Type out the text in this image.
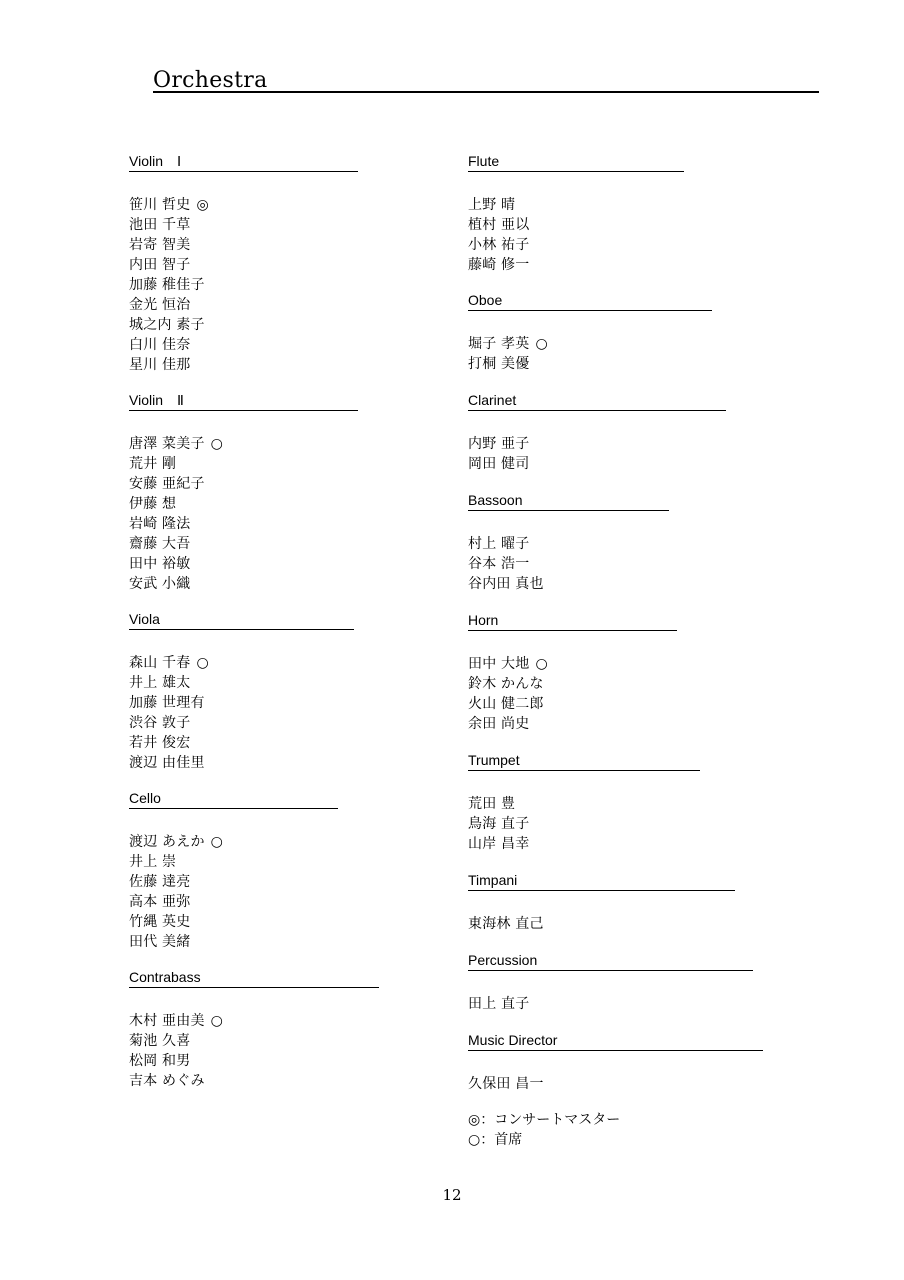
Orchestra
Violin　Ⅰ
笹川 哲史 ◎
池田 千草
岩寄 智美
内田 智子
加藤 稚佳子
金光 恒治
城之内 素子
白川 佳奈
星川 佳那
Violin　Ⅱ
唐澤 菜美子 ○
荒井 剛
安藤 亜紀子
伊藤 想
岩崎 隆法
齋藤 大吾
田中 裕敏
安武 小織
Viola
森山 千春 ○
井上 雄太
加藤 世理有
渋谷 敦子
若井 俊宏
渡辺 由佳里
Cello
渡辺 あえか ○
井上 崇
佐藤 達亮
高本 亜弥
竹縄 英史
田代 美緒
Contrabass
木村 亜由美 ○
菊池 久喜
松岡 和男
吉本 めぐみ
Flute
上野 晴
植村 亜以
小林 祐子
藤崎 修一
Oboe
堀子 孝英 ○
打桐 美優
Clarinet
内野 亜子
岡田 健司
Bassoon
村上 曜子
谷本 浩一
谷内田 真也
Horn
田中 大地 ○
鈴木 かんな
火山 健二郎
余田 尚史
Trumpet
荒田 豊
鳥海 直子
山岸 昌幸
Timpani
東海林 直己
Percussion
田上 直子
Music Director
久保田 昌一
◎：コンサートマスター
○：首席
12
